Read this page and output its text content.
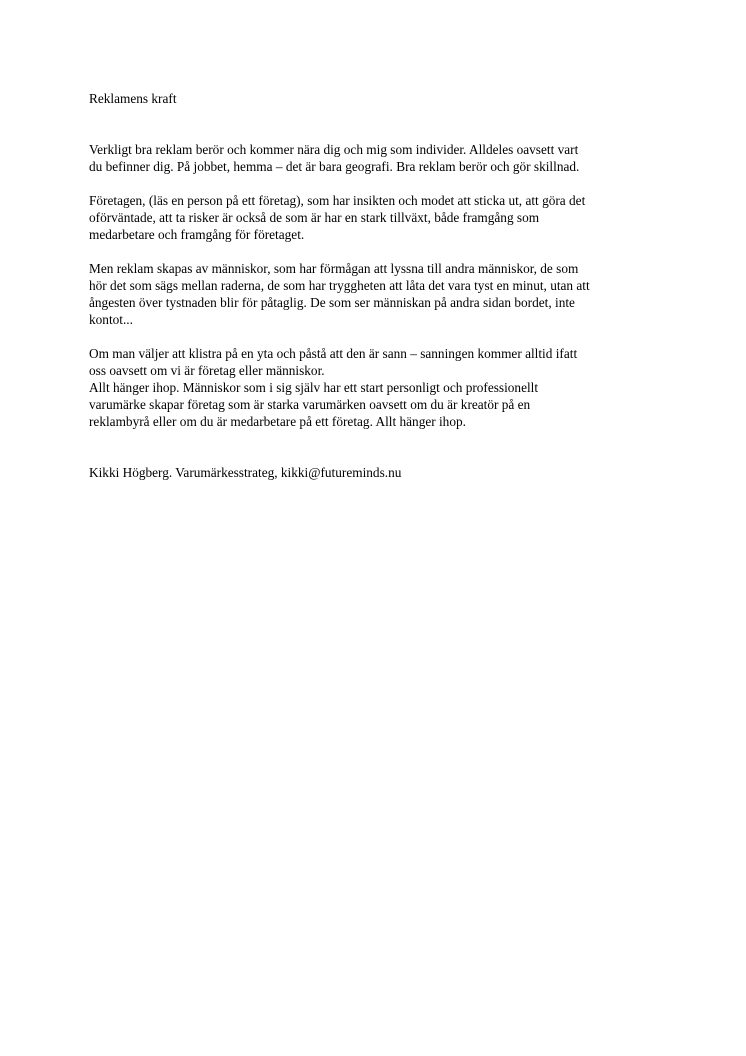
Reklamens kraft

Verkligt bra reklam berör och kommer nära dig och mig som individer. Alldeles oavsett vart
du befinner dig. På jobbet, hemma – det är bara geografi. Bra reklam berör och gör skillnad.

Företagen, (läs en person på ett företag), som har insikten och modet att sticka ut, att göra det
oförväntade, att ta risker är också de som är har en stark tillväxt, både framgång som
medarbetare och framgång för företaget.

Men reklam skapas av människor, som har förmågan att lyssna till andra människor, de som
hör det som sägs mellan raderna, de som har tryggheten att låta det vara tyst en minut, utan att
ångesten över tystnaden blir för påtaglig. De som ser människan på andra sidan bordet, inte
kontot...

Om man väljer att klistra på en yta och påstå att den är sann – sanningen kommer alltid ifatt
oss oavsett om vi är företag eller människor.

Allt hänger ihop. Människor som i sig själv har ett start personligt och professionellt
varumärke skapar företag som är starka varumärken oavsett om du är kreatör på en
reklambyrå eller om du är medarbetare på ett företag. Allt hänger ihop.

Kikki Högberg. Varumärkesstrateg, kikki@futureminds.nu
